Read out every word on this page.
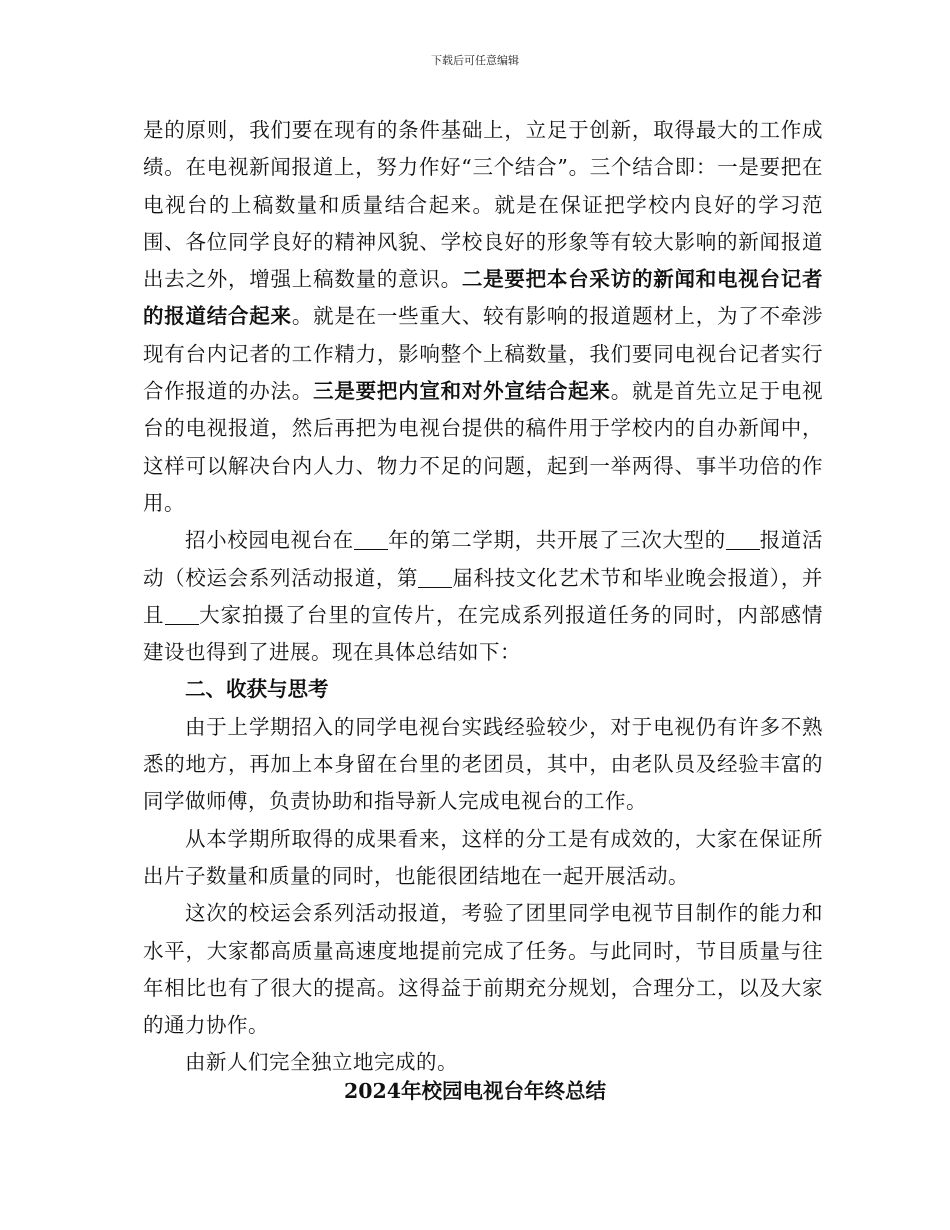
下载后可任意编辑

是的原则，我们要在现有的条件基础上，立足于创新，取得最大的工作成绩。在电视新闻报道上，努力作好“三个结合”。三个结合即：一是要把在电视台的上稿数量和质量结合起来。就是在保证把学校内良好的学习范围、各位同学良好的精神风貌、学校良好的形象等有较大影响的新闻报道出去之外，增强上稿数量的意识。二是要把本台采访的新闻和电视台记者的报道结合起来。就是在一些重大、较有影响的报道题材上，为了不牵涉现有台内记者的工作精力，影响整个上稿数量，我们要同电视台记者实行合作报道的办法。三是要把内宣和对外宣结合起来。就是首先立足于电视台的电视报道，然后再把为电视台提供的稿件用于学校内的自办新闻中，这样可以解决台内人力、物力不足的问题，起到一举两得、事半功倍的作用。

招小校园电视台在 年的第二学期，共开展了三次大型的 报道活动（校运会系列活动报道，第 届科技文化艺术节和毕业晚会报道），并且 大家拍摄了台里的宣传片，在完成系列报道任务的同时，内部感情建设也得到了进展。现在具体总结如下：

二、收获与思考

由于上学期招入的同学电视台实践经验较少，对于电视仍有许多不熟悉的地方，再加上本身留在台里的老团员，其中，由老队员及经验丰富的同学做师傅，负责协助和指导新人完成电视台的工作。

从本学期所取得的成果看来，这样的分工是有成效的，大家在保证所出片子数量和质量的同时，也能很团结地在一起开展活动。

这次的校运会系列活动报道，考验了团里同学电视节目制作的能力和水平，大家都高质量高速度地提前完成了任务。与此同时，节目质量与往年相比也有了很大的提高。这得益于前期充分规划，合理分工，以及大家的通力协作。

由新人们完全独立地完成的。

2024年校园电视台年终总结
